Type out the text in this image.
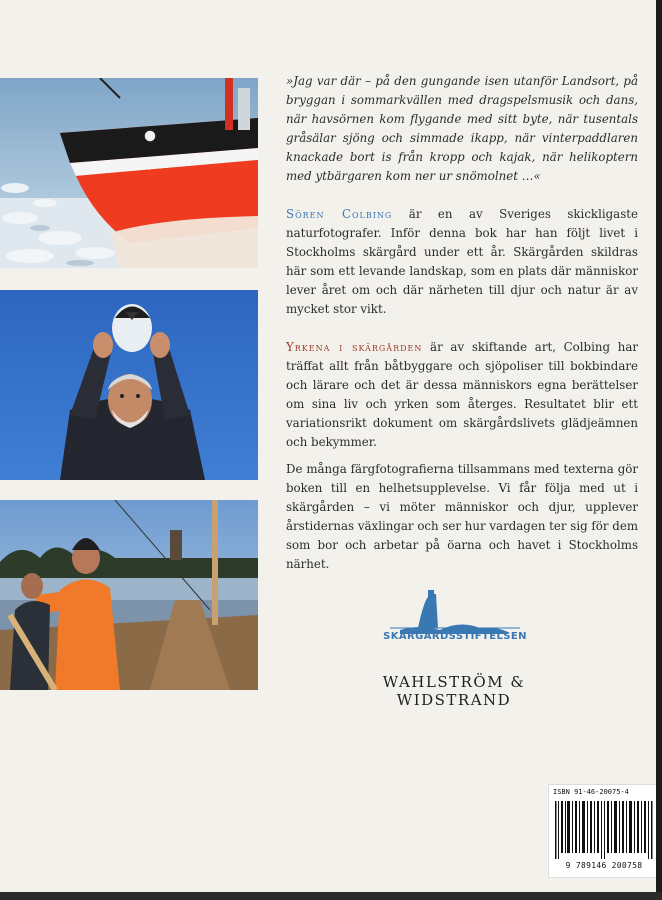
»Jag var där – på den gungande isen utanför Landsort, på bryggan i sommarkvällen med dragspelsmusik och dans, när havsörnen kom flygande med sitt byte, när tusentals gråsälar sjöng och simmade ikapp, när vinterpaddlaren knackade bort is från kropp och kajak, när helikoptern med ytbärgaren kom ner ur snömolnet …«

Sören Colbing är en av Sveriges skickligaste naturfotografer. Inför denna bok har han följt livet i Stockholms skärgård under ett år. Skärgården skildras här som ett levande landskap, som en plats där människor lever året om och där närheten till djur och natur är av mycket stor vikt.

Yrkena i skärgården är av skiftande art, Colbing har träffat allt från båtbyggare och sjöpoliser till bokbindare och lärare och det är dessa människors egna berättelser om sina liv och yrken som återges. Resultatet blir ett variationsrikt dokument om skärgårdslivets glädjeämnen och bekymmer.

De många färgfotografierna tillsammans med texterna gör boken till en helhetsupplevelse. Vi får följa med ut i skärgården – vi möter människor och djur, upplever årstidernas växlingar och ser hur vardagen ter sig för dem som bor och arbetar på öarna och havet i Stockholms närhet.

SKÄRGÅRDSSTIFTELSEN
WAHLSTRÖM & WIDSTRAND
ISBN 91-46-20075-4
9 789146 200758
